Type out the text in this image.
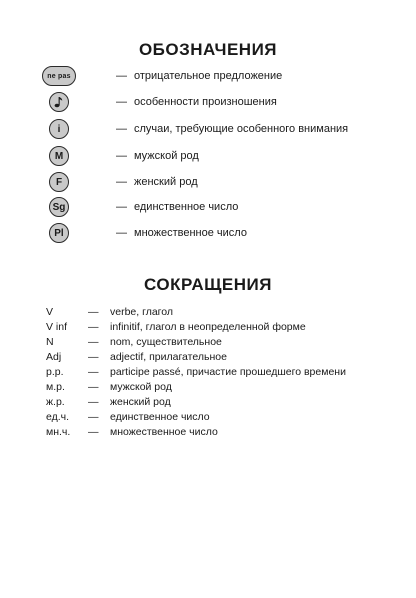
ОБОЗНАЧЕНИЯ
ne pas	— отрицательное предложение
— особенности произношения
i	— случаи, требующие особенного внимания
M	— мужской род
F	— женский род
Sg	— единственное число
Pl	— множественное число
СОКРАЩЕНИЯ
V	— verbe, глагол
V inf — infinitif, глагол в неопределенной форме
N	— nom, существительное
Adj	— adjectif, прилагательное
p.p. — participe passé, причастие прошедшего времени
м.р. — мужской род
ж.р. — женский род
ед.ч. — единственное число
мн.ч. — множественное число
